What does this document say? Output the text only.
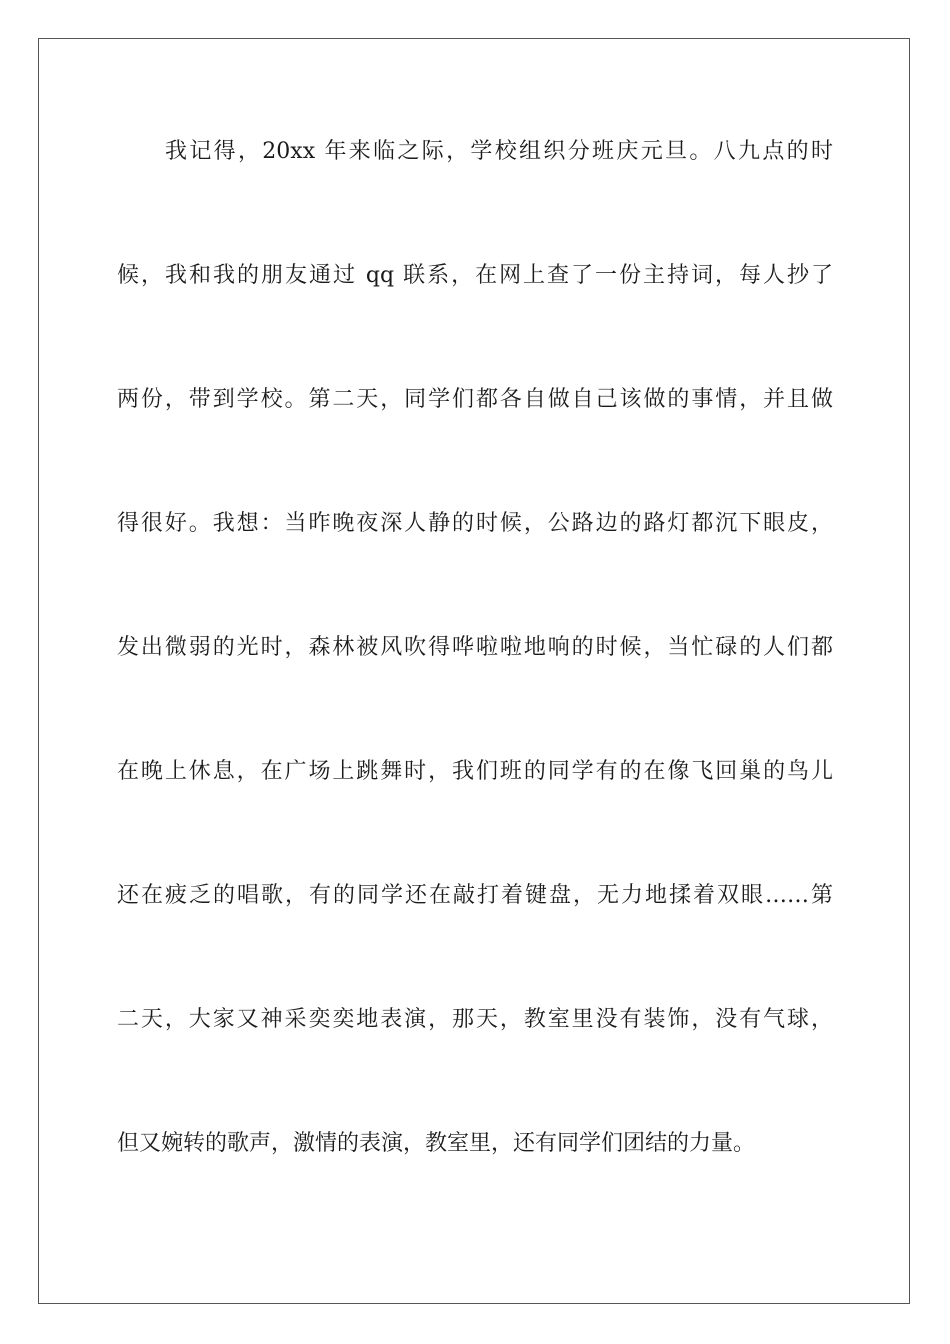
我记得，20xx 年来临之际，学校组织分班庆元旦。八九点的时
候，我和我的朋友通过 qq 联系，在网上查了一份主持词，每人抄了
两份，带到学校。第二天，同学们都各自做自己该做的事情，并且做
得很好。我想：当昨晚夜深人静的时候，公路边的路灯都沉下眼皮，
发出微弱的光时，森林被风吹得哗啦啦地响的时候，当忙碌的人们都
在晚上休息，在广场上跳舞时，我们班的同学有的在像飞回巢的鸟儿
还在疲乏的唱歌，有的同学还在敲打着键盘，无力地揉着双眼……第
二天，大家又神采奕奕地表演，那天，教室里没有装饰，没有气球，
但又婉转的歌声，激情的表演，教室里，还有同学们团结的力量。
